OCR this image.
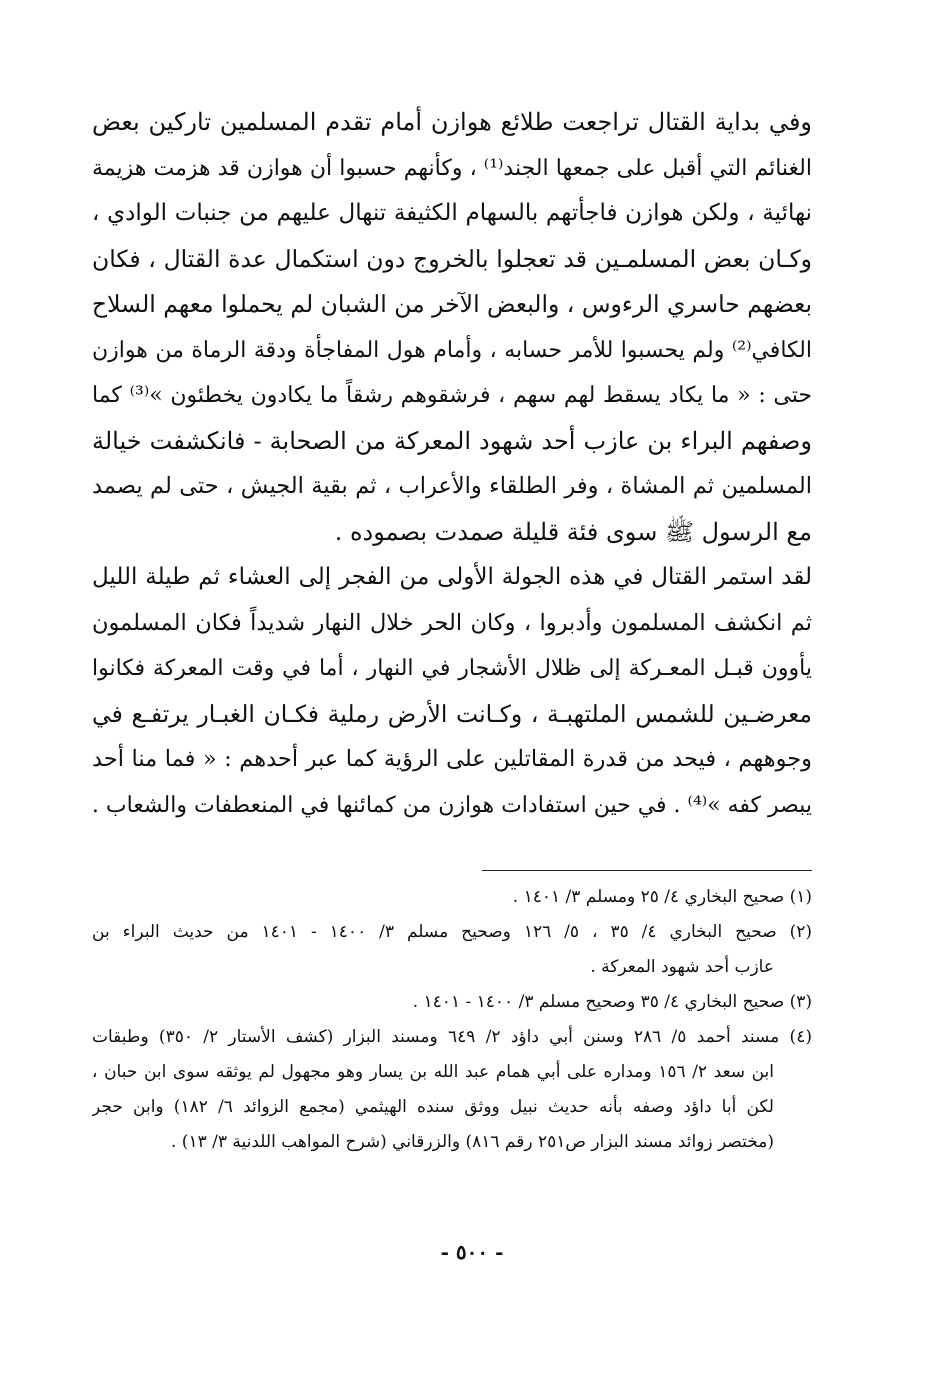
وفي بداية القتال تراجعت طلائع هوازن أمام تقدم المسلمين تاركين بعض
الغنائم التي أقبل على جمعها الجند⁽¹⁾ ، وكأنهم حسبوا أن هوازن قد هزمت هزيمة
نهائية ، ولكن هوازن فاجأتهم بالسهام الكثيفة تنهال عليهم من جنبات الوادي ،
وكـان بعض المسلمـين قد تعجلوا بالخروج دون استكمال عدة القتال ، فكان
بعضهم حاسري الرءوس ، والبعض الآخر من الشبان لم يحملوا معهم السلاح
الكافي⁽²⁾ ولم يحسبوا للأمر حسابه ، وأمام هول المفاجأة ودقة الرماة من هوازن
حتى : « ما يكاد يسقط لهم سهم ، فرشقوهم رشقاً ما يكادون يخطئون »⁽³⁾ كما
وصفهم البراء بن عازب أحد شهود المعركة من الصحابة - فانكشفت خيالة
المسلمين ثم المشاة ، وفر الطلقاء والأعراب ، ثم بقية الجيش ، حتى لم يصمد
مع الرسول ﷺ سوى فئة قليلة صمدت بصموده .
لقد استمر القتال في هذه الجولة الأولى من الفجر إلى العشاء ثم طيلة الليل
ثم انكشف المسلمون وأدبروا ، وكان الحر خلال النهار شديداً فكان المسلمون
يأوون قبـل المعـركة إلى ظلال الأشجار في النهار ، أما في وقت المعركة فكانوا
معرضـين للشمس الملتهبـة ، وكـانت الأرض رملية فكـان الغبـار يرتفـع في
وجوههم ، فيحد من قدرة المقاتلين على الرؤية كما عبر أحدهم : « فما منا أحد
يبصر كفه »⁽⁴⁾ . في حين استفادات هوازن من كمائنها في المنعطفات والشعاب .
(١) صحيح البخاري ٤/ ٢٥ ومسلم ٣/ ١٤٠١ .
(٢) صحيح البخاري ٤/ ٣٥ ، ٥/ ١٢٦ وصحيح مسلم ٣/ ١٤٠٠ - ١٤٠١ من حديث البراء بن
عازب أحد شهود المعركة .
(٣) صحيح البخاري ٤/ ٣٥ وصحيح مسلم ٣/ ١٤٠٠ - ١٤٠١ .
(٤) مسند أحمد ٥/ ٢٨٦ وسنن أبي داؤد ٢/ ٦٤٩ ومسند البزار (كشف الأستار ٢/ ٣٥٠) وطبقات
ابن سعد ٢/ ١٥٦ ومداره على أبي همام عبد الله بن يسار وهو مجهول لم يوثقه سوى ابن حبان ،
لكن أبا داؤد وصفه بأنه حديث نبيل ووثق سنده الهيثمي (مجمع الزوائد ٦/ ١٨٢) وابن حجر
(مختصر زوائد مسند البزار ص٢٥١ رقم ٨١٦) والزرقاني (شرح المواهب اللدنية ٣/ ١٣) .
- ٥٠٠ -
